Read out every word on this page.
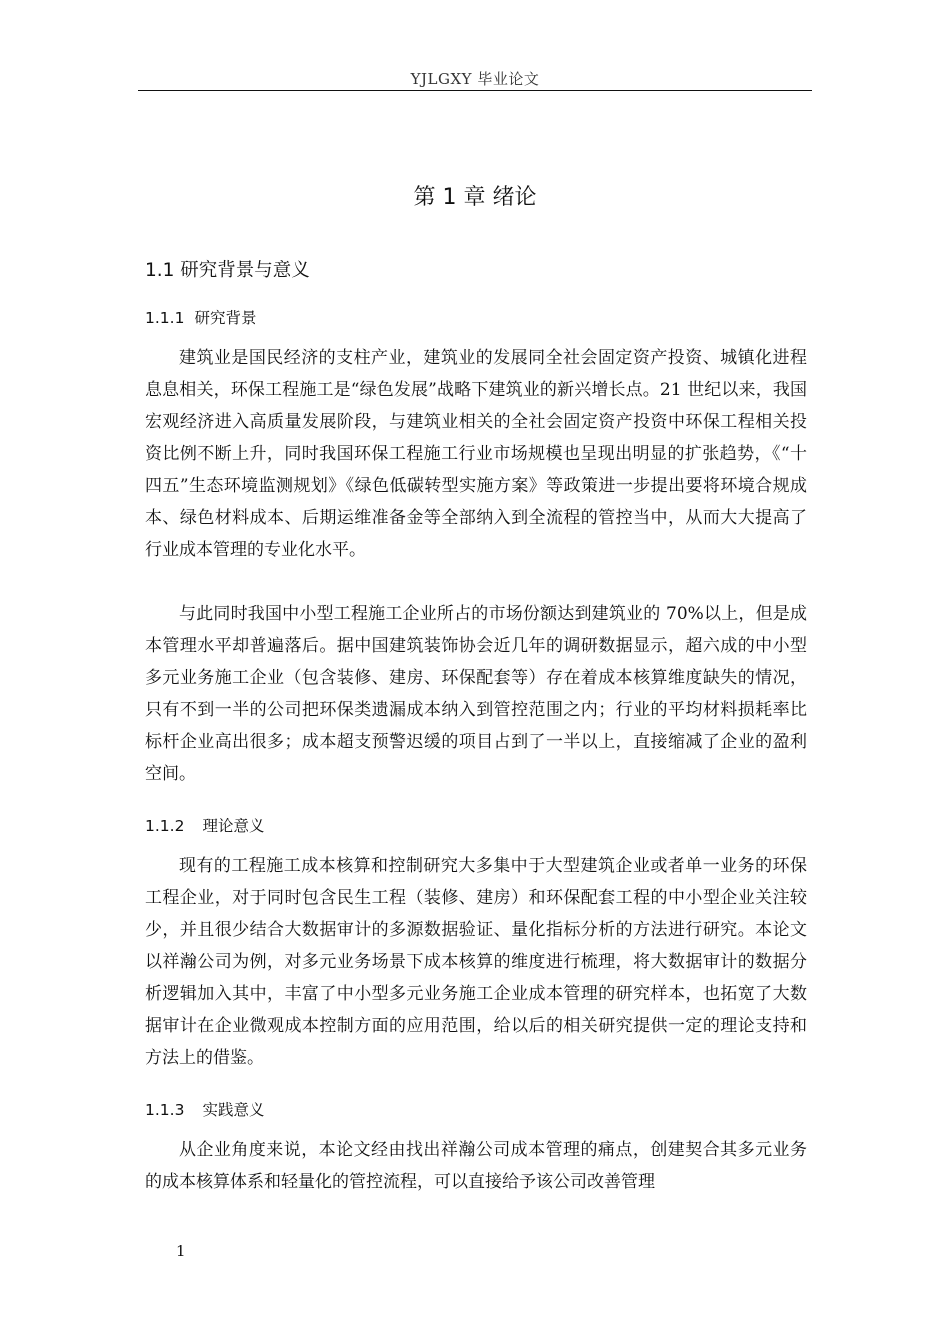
YJLGXY 毕业论文
第 1 章 绪论
1.1 研究背景与意义
1.1.1 研究背景

建筑业是国民经济的支柱产业，建筑业的发展同全社会固定资产投资、城镇化进程息息相关，环保工程施工是“绿色发展”战略下建筑业的新兴增长点。21 世纪以来，我国宏观经济进入高质量发展阶段，与建筑业相关的全社会固定资产投资中环保工程相关投资比例不断上升，同时我国环保工程施工行业市场规模也呈现出明显的扩张趋势，《“十四五”生态环境监测规划》《绿色低碳转型实施方案》等政策进一步提出要将环境合规成本、绿色材料成本、后期运维准备金等全部纳入到全流程的管控当中，从而大大提高了行业成本管理的专业化水平。

与此同时我国中小型工程施工企业所占的市场份额达到建筑业的 70%以上，但是成本管理水平却普遍落后。据中国建筑装饰协会近几年的调研数据显示，超六成的中小型多元业务施工企业（包含装修、建房、环保配套等）存在着成本核算维度缺失的情况，只有不到一半的公司把环保类遗漏成本纳入到管控范围之内；行业的平均材料损耗率比标杆企业高出很多；成本超支预警迟缓的项目占到了一半以上，直接缩减了企业的盈利空间。

1.1.2 理论意义

现有的工程施工成本核算和控制研究大多集中于大型建筑企业或者单一业务的环保工程企业，对于同时包含民生工程（装修、建房）和环保配套工程的中小型企业关注较少，并且很少结合大数据审计的多源数据验证、量化指标分析的方法进行研究。本论文以祥瀚公司为例，对多元业务场景下成本核算的维度进行梳理，将大数据审计的数据分析逻辑加入其中，丰富了中小型多元业务施工企业成本管理的研究样本，也拓宽了大数据审计在企业微观成本控制方面的应用范围，给以后的相关研究提供一定的理论支持和方法上的借鉴。

1.1.3 实践意义

从企业角度来说，本论文经由找出祥瀚公司成本管理的痛点，创建契合其多元业务的成本核算体系和轻量化的管控流程，可以直接给予该公司改善管理

1
